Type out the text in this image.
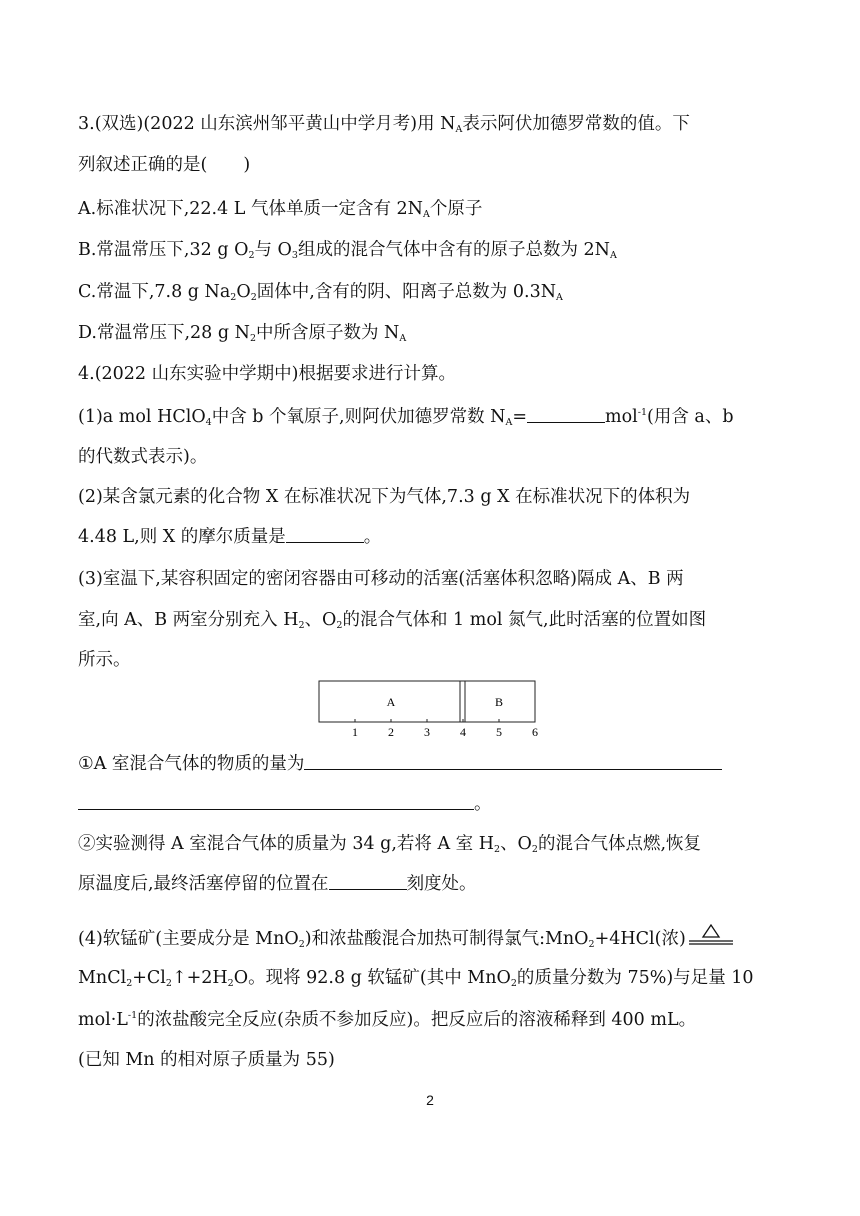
3.(双选)(2022 山东滨州邹平黄山中学月考)用 $N_A$表示阿伏加德罗常数的值。下
列叙述正确的是( )
A.标准状况下,22.4 L 气体单质一定含有 $2N_A$个原子
B.常温常压下,32 g $O_2$与 $O_3$组成的混合气体中含有的原子总数为 $2N_A$
C.常温下,7.8 g $Na_2O_2$固体中,含有的阴、阳离子总数为 $0.3N_A$
D.常温常压下,28 g $N_2$中所含原子数为 $N_A$
4.(2022 山东实验中学期中)根据要求进行计算。
(1)a mol HClO$_4$中含 b 个氧原子,则阿伏加德罗常数 $N_A=$	mol$^{-1}$(用含 a、b
的代数式表示)。
(2)某含氯元素的化合物 X 在标准状况下为气体,7.3 g X 在标准状况下的体积为
4.48 L,则 X 的摩尔质量是	。
(3)室温下,某容积固定的密闭容器由可移动的活塞(活塞体积忽略)隔成 A、B 两
室,向 A、B 两室分别充入 $H_2$、$O_2$的混合气体和 1 mol 氮气,此时活塞的位置如图
所示。
A	B
1	2	3	4	5	6
①A 室混合气体的物质的量为
。
②实验测得 A 室混合气体的质量为 34 g,若将 A 室 $H_2$、$O_2$的混合气体点燃,恢复
原温度后,最终活塞停留的位置在	刻度处。
(4)软锰矿(主要成分是 MnO$_2$)和浓盐酸混合加热可制得氯气:MnO$_2$+4HCl(浓)
$MnCl_2+Cl_2↑+2H_2O$。现将 92.8 g 软锰矿(其中 MnO$_2$的质量分数为 75%)与足量 10
$mol\cdot L^{-1}$的浓盐酸完全反应(杂质不参加反应)。把反应后的溶液稀释到 400 mL。
(已知 Mn 的相对原子质量为 55)
2
